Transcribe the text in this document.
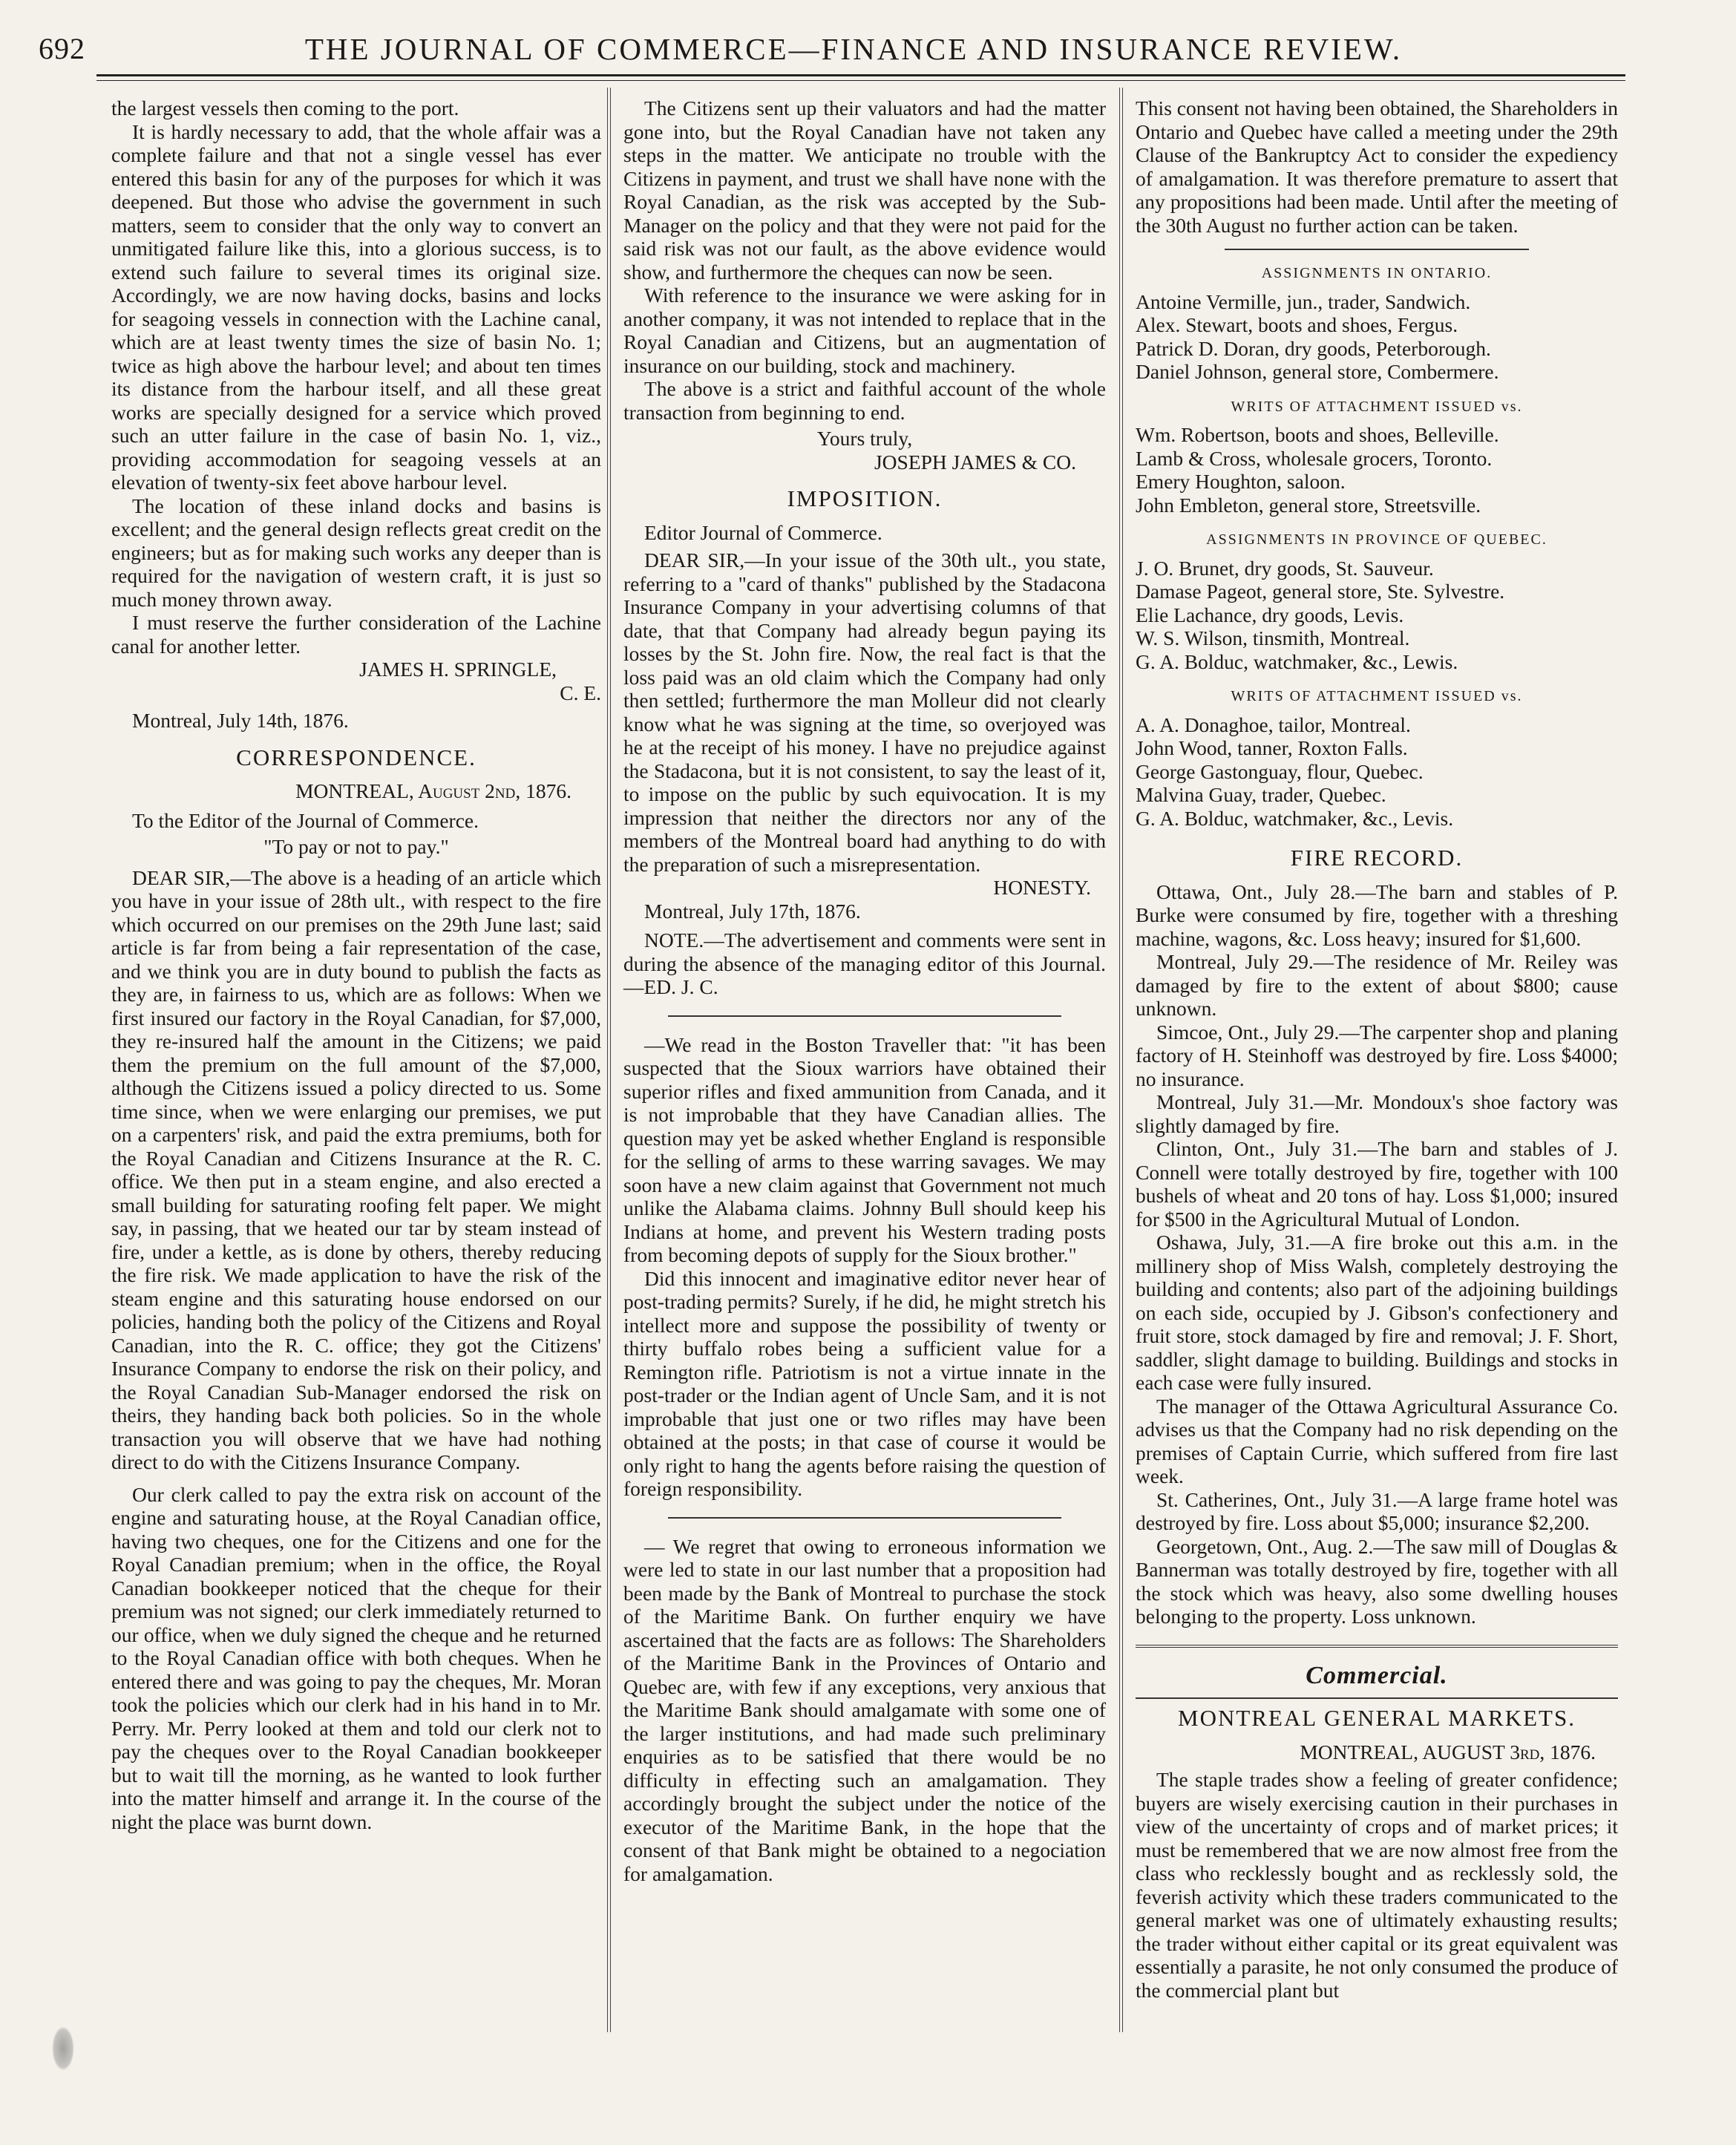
692	THE JOURNAL OF COMMERCE—FINANCE AND INSURANCE REVIEW.

the largest vessels then coming to the port.

It is hardly necessary to add, that the whole affair was a complete failure and that not a single vessel has ever entered this basin for any of the purposes for which it was deepened. But those who advise the government in such matters, seem to consider that the only way to convert an unmitigated failure like this, into a glorious success, is to extend such failure to several times its original size. Accordingly, we are now having docks, basins and locks for seagoing vessels in connection with the Lachine canal, which are at least twenty times the size of basin No. 1; twice as high above the harbour level; and about ten times its distance from the harbour itself, and all these great works are specially designed for a service which proved such an utter failure in the case of basin No. 1, viz., providing accommodation for seagoing vessels at an elevation of twenty-six feet above harbour level.

The location of these inland docks and basins is excellent; and the general design reflects great credit on the engineers; but as for making such works any deeper than is required for the navigation of western craft, it is just so much money thrown away.

I must reserve the further consideration of the Lachine canal for another letter.

JAMES H. SPRINGLE,
C. E.

Montreal, July 14th, 1876.

CORRESPONDENCE.
MONTREAL, August 2nd, 1876.

To the Editor of the Journal of Commerce.

"To pay or not to pay."

DEAR SIR,—The above is a heading of an article which you have in your issue of 28th ult., with respect to the fire which occurred on our premises on the 29th June last; said article is far from being a fair representation of the case, and we think you are in duty bound to publish the facts as they are, in fairness to us, which are as follows: When we first insured our factory in the Royal Canadian, for $7,000, they re-insured half the amount in the Citizens; we paid them the premium on the full amount of the $7,000, although the Citizens issued a policy directed to us. Some time since, when we were enlarging our premises, we put on a carpenters' risk, and paid the extra premiums, both for the Royal Canadian and Citizens Insurance at the R. C. office. We then put in a steam engine, and also erected a small building for saturating roofing felt paper. We might say, in passing, that we heated our tar by steam instead of fire, under a kettle, as is done by others, thereby reducing the fire risk. We made application to have the risk of the steam engine and this saturating house endorsed on our policies, handing both the policy of the Citizens and Royal Canadian, into the R. C. office; they got the Citizens' Insurance Company to endorse the risk on their policy, and the Royal Canadian Sub-Manager endorsed the risk on theirs, they handing back both policies. So in the whole transaction you will observe that we have had nothing direct to do with the Citizens Insurance Company.

Our clerk called to pay the extra risk on account of the engine and saturating house, at the Royal Canadian office, having two cheques, one for the Citizens and one for the Royal Canadian premium; when in the office, the Royal Canadian bookkeeper noticed that the cheque for their premium was not signed; our clerk immediately returned to our office, when we duly signed the cheque and he returned to the Royal Canadian office with both cheques. When he entered there and was going to pay the cheques, Mr. Moran took the policies which our clerk had in his hand in to Mr. Perry. Mr. Perry looked at them and told our clerk not to pay the cheques over to the Royal Canadian bookkeeper but to wait till the morning, as he wanted to look further into the matter himself and arrange it. In the course of the night the place was burnt down.

The Citizens sent up their valuators and had the matter gone into, but the Royal Canadian have not taken any steps in the matter. We anticipate no trouble with the Citizens in payment, and trust we shall have none with the Royal Canadian, as the risk was accepted by the Sub-Manager on the policy and that they were not paid for the said risk was not our fault, as the above evidence would show, and furthermore the cheques can now be seen.

With reference to the insurance we were asking for in another company, it was not intended to replace that in the Royal Canadian and Citizens, but an augmentation of insurance on our building, stock and machinery.

The above is a strict and faithful account of the whole transaction from beginning to end.

Yours truly,
JOSEPH JAMES & CO.
IMPOSITION.

Editor Journal of Commerce.

DEAR SIR,—In your issue of the 30th ult., you state, referring to a "card of thanks" published by the Stadacona Insurance Company in your advertising columns of that date, that that Company had already begun paying its losses by the St. John fire. Now, the real fact is that the loss paid was an old claim which the Company had only then settled; furthermore the man Molleur did not clearly know what he was signing at the time, so overjoyed was he at the receipt of his money. I have no prejudice against the Stadacona, but it is not consistent, to say the least of it, to impose on the public by such equivocation. It is my impression that neither the directors nor any of the members of the Montreal board had anything to do with the preparation of such a misrepresentation.

HONESTY.

Montreal, July 17th, 1876.

NOTE.—The advertisement and comments were sent in during the absence of the managing editor of this Journal.—ED. J. C.

—We read in the Boston Traveller that: "it has been suspected that the Sioux warriors have obtained their superior rifles and fixed ammunition from Canada, and it is not improbable that they have Canadian allies. The question may yet be asked whether England is responsible for the selling of arms to these warring savages. We may soon have a new claim against that Government not much unlike the Alabama claims. Johnny Bull should keep his Indians at home, and prevent his Western trading posts from becoming depots of supply for the Sioux brother."

Did this innocent and imaginative editor never hear of post-trading permits? Surely, if he did, he might stretch his intellect more and suppose the possibility of twenty or thirty buffalo robes being a sufficient value for a Remington rifle. Patriotism is not a virtue innate in the post-trader or the Indian agent of Uncle Sam, and it is not improbable that just one or two rifles may have been obtained at the posts; in that case of course it would be only right to hang the agents before raising the question of foreign responsibility.

— We regret that owing to erroneous information we were led to state in our last number that a proposition had been made by the Bank of Montreal to purchase the stock of the Maritime Bank. On further enquiry we have ascertained that the facts are as follows: The Shareholders of the Maritime Bank in the Provinces of Ontario and Quebec are, with few if any exceptions, very anxious that the Maritime Bank should amalgamate with some one of the larger institutions, and had made such preliminary enquiries as to be satisfied that there would be no difficulty in effecting such an amalgamation. They accordingly brought the subject under the notice of the executor of the Maritime Bank, in the hope that the consent of that Bank might be obtained to a negociation for amalgamation.

This consent not having been obtained, the Shareholders in Ontario and Quebec have called a meeting under the 29th Clause of the Bankruptcy Act to consider the expediency of amalgamation. It was therefore premature to assert that any propositions had been made. Until after the meeting of the 30th August no further action can be taken.

ASSIGNMENTS IN ONTARIO.

Antoine Vermille, jun., trader, Sandwich.

Alex. Stewart, boots and shoes, Fergus.

Patrick D. Doran, dry goods, Peterborough.

Daniel Johnson, general store, Combermere.

WRITS OF ATTACHMENT ISSUED vs.

Wm. Robertson, boots and shoes, Belleville.

Lamb & Cross, wholesale grocers, Toronto.

Emery Houghton, saloon.

John Embleton, general store, Streetsville.

ASSIGNMENTS IN PROVINCE OF QUEBEC.

J. O. Brunet, dry goods, St. Sauveur.

Damase Pageot, general store, Ste. Sylvestre.

Elie Lachance, dry goods, Levis.

W. S. Wilson, tinsmith, Montreal.

G. A. Bolduc, watchmaker, &c., Lewis.

WRITS OF ATTACHMENT ISSUED vs.

A. A. Donaghoe, tailor, Montreal.

John Wood, tanner, Roxton Falls.

George Gastonguay, flour, Quebec.

Malvina Guay, trader, Quebec.

G. A. Bolduc, watchmaker, &c., Levis.

FIRE RECORD.

Ottawa, Ont., July 28.—The barn and stables of P. Burke were consumed by fire, together with a threshing machine, wagons, &c. Loss heavy; insured for $1,600.

Montreal, July 29.—The residence of Mr. Reiley was damaged by fire to the extent of about $800; cause unknown.

Simcoe, Ont., July 29.—The carpenter shop and planing factory of H. Steinhoff was destroyed by fire. Loss $4000; no insurance.

Montreal, July 31.—Mr. Mondoux's shoe factory was slightly damaged by fire.

Clinton, Ont., July 31.—The barn and stables of J. Connell were totally destroyed by fire, together with 100 bushels of wheat and 20 tons of hay. Loss $1,000; insured for $500 in the Agricultural Mutual of London.

Oshawa, July, 31.—A fire broke out this a.m. in the millinery shop of Miss Walsh, completely destroying the building and contents; also part of the adjoining buildings on each side, occupied by J. Gibson's confectionery and fruit store, stock damaged by fire and removal; J. F. Short, saddler, slight damage to building. Buildings and stocks in each case were fully insured.

The manager of the Ottawa Agricultural Assurance Co. advises us that the Company had no risk depending on the premises of Captain Currie, which suffered from fire last week.

St. Catherines, Ont., July 31.—A large frame hotel was destroyed by fire. Loss about $5,000; insurance $2,200.

Georgetown, Ont., Aug. 2.—The saw mill of Douglas & Bannerman was totally destroyed by fire, together with all the stock which was heavy, also some dwelling houses belonging to the property. Loss unknown.

Commercial.
MONTREAL GENERAL MARKETS.
MONTREAL, AUGUST 3rd, 1876.

The staple trades show a feeling of greater confidence; buyers are wisely exercising caution in their purchases in view of the uncertainty of crops and of market prices; it must be remembered that we are now almost free from the class who recklessly bought and as recklessly sold, the feverish activity which these traders communicated to the general market was one of ultimately exhausting results; the trader without either capital or its great equivalent was essentially a parasite, he not only consumed the produce of the commercial plant but
